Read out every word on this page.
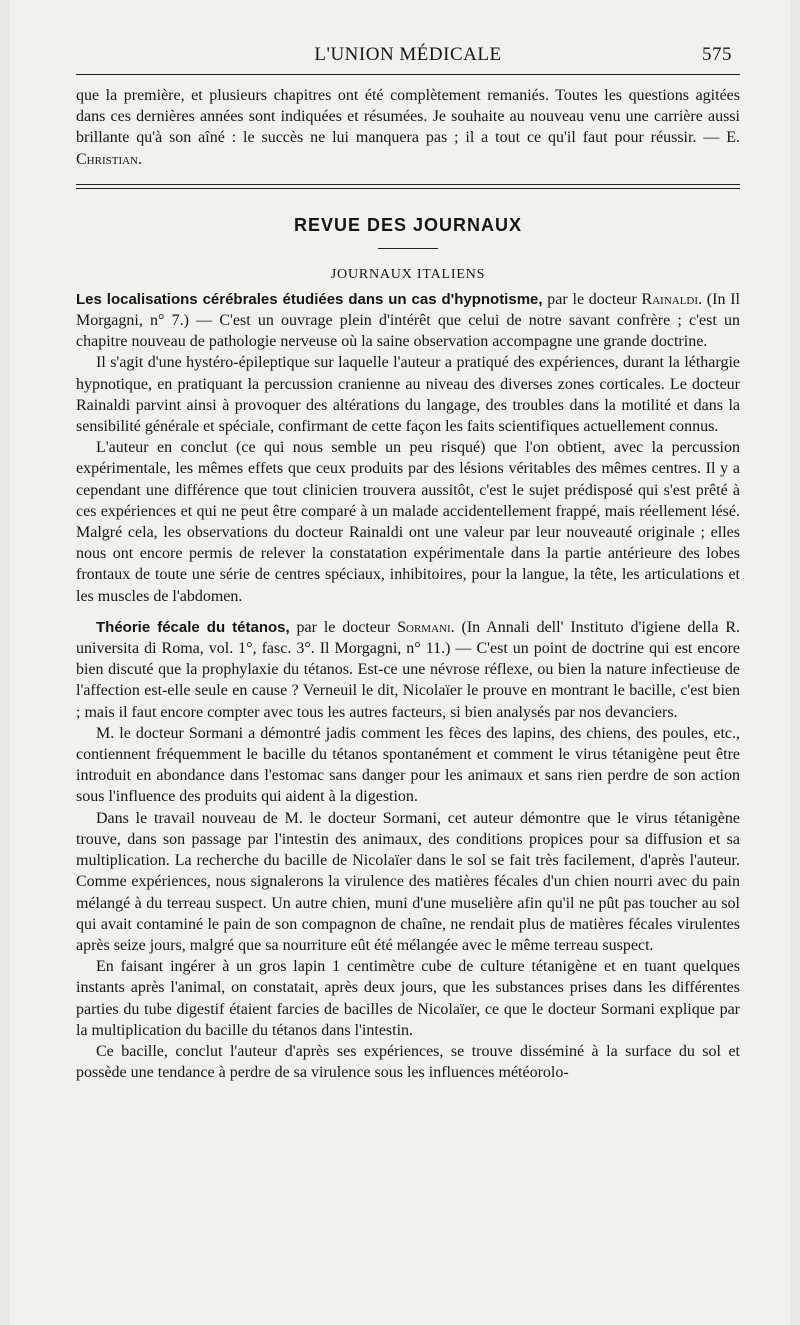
L'UNION MÉDICALE	575

que la première, et plusieurs chapitres ont été complètement remaniés. Toutes les questions agitées dans ces dernières années sont indiquées et résumées. Je souhaite au nouveau venu une carrière aussi brillante qu'à son aîné : le succès ne lui manquera pas ; il a tout ce qu'il faut pour réussir. — E. Christian.

REVUE DES JOURNAUX
JOURNAUX ITALIENS

Les localisations cérébrales étudiées dans un cas d'hypnotisme, par le docteur Rainaldi. (In Il Morgagni, n° 7.) — C'est un ouvrage plein d'intérêt que celui de notre savant confrère ; c'est un chapitre nouveau de pathologie nerveuse où la saine observation accompagne une grande doctrine.

Il s'agit d'une hystéro-épileptique sur laquelle l'auteur a pratiqué des expériences, durant la léthargie hypnotique, en pratiquant la percussion cranienne au niveau des diverses zones corticales. Le docteur Rainaldi parvint ainsi à provoquer des altérations du langage, des troubles dans la motilité et dans la sensibilité générale et spéciale, confirmant de cette façon les faits scientifiques actuellement connus.

L'auteur en conclut (ce qui nous semble un peu risqué) que l'on obtient, avec la percussion expérimentale, les mêmes effets que ceux produits par des lésions véritables des mêmes centres. Il y a cependant une différence que tout clinicien trouvera aussitôt, c'est le sujet prédisposé qui s'est prêté à ces expériences et qui ne peut être comparé à un malade accidentellement frappé, mais réellement lésé. Malgré cela, les observations du docteur Rainaldi ont une valeur par leur nouveauté originale ; elles nous ont encore permis de relever la constatation expérimentale dans la partie antérieure des lobes frontaux de toute une série de centres spéciaux, inhibitoires, pour la langue, la tête, les articulations et les muscles de l'abdomen.

Théorie fécale du tétanos, par le docteur Sormani. (In Annali dell' Instituto d'igiene della R. universita di Roma, vol. 1°, fasc. 3°. Il Morgagni, n° 11.) — C'est un point de doctrine qui est encore bien discuté que la prophylaxie du tétanos. Est-ce une névrose réflexe, ou bien la nature infectieuse de l'affection est-elle seule en cause ? Verneuil le dit, Nicolaïer le prouve en montrant le bacille, c'est bien ; mais il faut encore compter avec tous les autres facteurs, si bien analysés par nos devanciers.

M. le docteur Sormani a démontré jadis comment les fèces des lapins, des chiens, des poules, etc., contiennent fréquemment le bacille du tétanos spontanément et comment le virus tétanigène peut être introduit en abondance dans l'estomac sans danger pour les animaux et sans rien perdre de son action sous l'influence des produits qui aident à la digestion.

Dans le travail nouveau de M. le docteur Sormani, cet auteur démontre que le virus tétanigène trouve, dans son passage par l'intestin des animaux, des conditions propices pour sa diffusion et sa multiplication. La recherche du bacille de Nicolaïer dans le sol se fait très facilement, d'après l'auteur. Comme expériences, nous signalerons la virulence des matières fécales d'un chien nourri avec du pain mélangé à du terreau suspect. Un autre chien, muni d'une muselière afin qu'il ne pût pas toucher au sol qui avait contaminé le pain de son compagnon de chaîne, ne rendait plus de matières fécales virulentes après seize jours, malgré que sa nourriture eût été mélangée avec le même terreau suspect.

En faisant ingérer à un gros lapin 1 centimètre cube de culture tétanigène et en tuant quelques instants après l'animal, on constatait, après deux jours, que les substances prises dans les différentes parties du tube digestif étaient farcies de bacilles de Nicolaïer, ce que le docteur Sormani explique par la multiplication du bacille du tétanos dans l'intestin.

Ce bacille, conclut l'auteur d'après ses expériences, se trouve disséminé à la surface du sol et possède une tendance à perdre de sa virulence sous les influences météorolo-
